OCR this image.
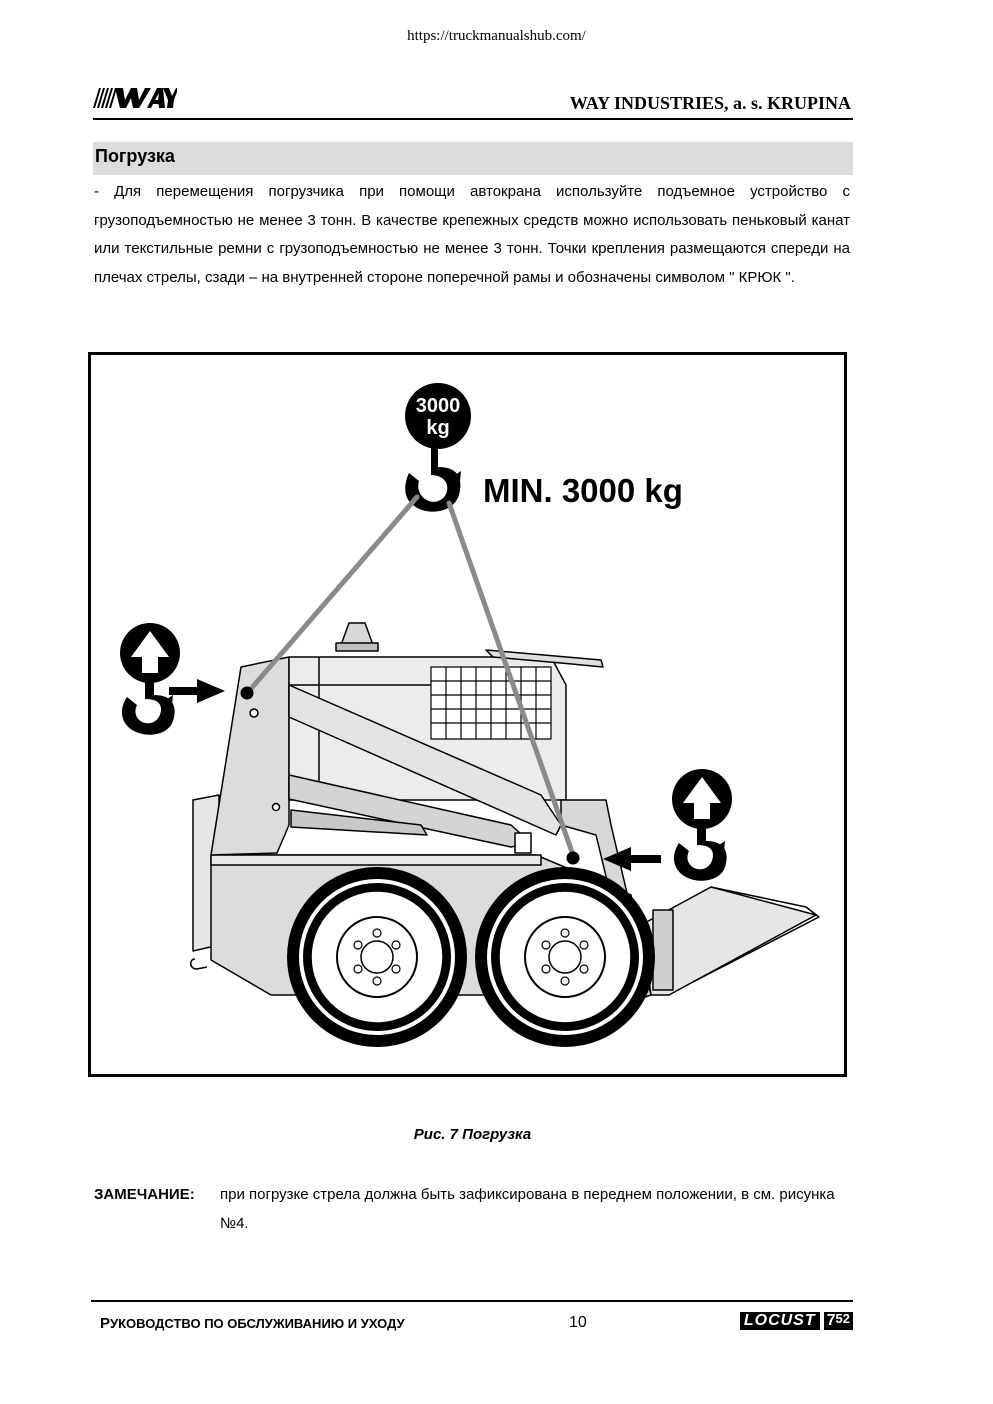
https://truckmanualshub.com/
WAY INDUSTRIES, a. s. KRUPINA
Погрузка
- Для перемещения погрузчика при помощи автокрана используйте подъемное устройство с грузоподъемностью не менее 3 тонн. В качестве крепежных средств можно использовать пеньковый канат или текстильные ремни с грузоподъемностью не менее 3 тонн. Точки крепления размещаются спереди на плечах стрелы, сзади – на внутренней стороне поперечной рамы и обозначены символом " КРЮК ".
3000
kg
MIN. 3000 kg
Рис. 7 Погрузка
ЗАМЕЧАНИЕ: при погрузке стрела должна быть зафиксирована в переднем положении, в см. рисунка №4.
РУКОВОДСТВО ПО ОБСЛУЖИВАНИЮ И УХОДУ	10	LOCUST $7^{52}$
